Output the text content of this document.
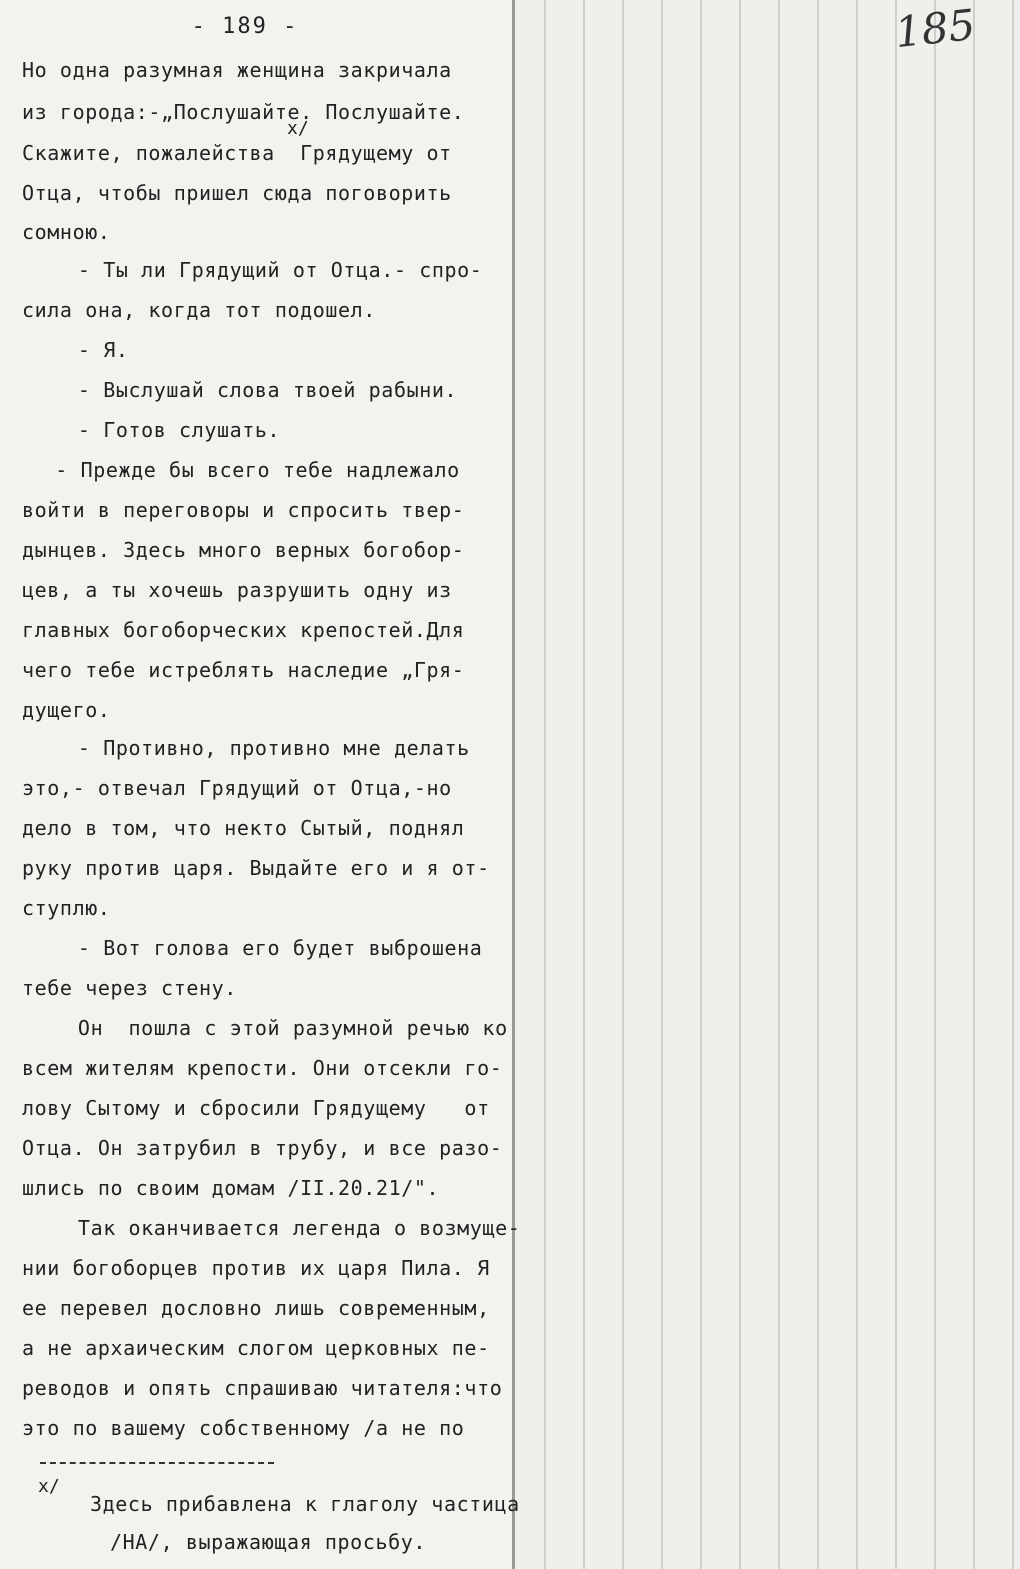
- 189 -	185
Но одна разумная женщина закричала
из города:-„Послушайте. Послушайте.
x/
Скажите, пожалейства  Грядущему от
Отца, чтобы пришел сюда поговорить
сомною.
- Ты ли Грядущий от Отца.- спро-
сила она, когда тот подошел.
- Я.
- Выслушай слова твоей рабыни.
- Готов слушать.
- Прежде бы всего тебе надлежало
войти в переговоры и спросить твер-
дынцев. Здесь много верных богобор-
цев, а ты хочешь разрушить одну из
главных богоборческих крепостей.Для
чего тебе истреблять наследие „Гря-
дущего.
- Противно, противно мне делать
это,- отвечал Грядущий от Отца,-но
дело в том, что некто Сытый, поднял
руку против царя. Выдайте его и я от-
ступлю.
- Вот голова его будет выброшена
тебе через стену.
Он  пошла с этой разумной речью ко
всем жителям крепости. Они отсекли го-
лову Сытому и сбросили Грядущему   от
Отца. Он затрубил в трубу, и все разо-
шлись по своим домам /II.20.21/".
Так оканчивается легенда о возмуще-
нии богоборцев против их царя Пила. Я
ее перевел дословно лишь современным,
а не архаическим слогом церковных пе-
реводов и опять спрашиваю читателя:что
это по вашему собственному /а не по
x/
Здесь прибавлена к глаголу частица
/НА/, выражающая просьбу.
